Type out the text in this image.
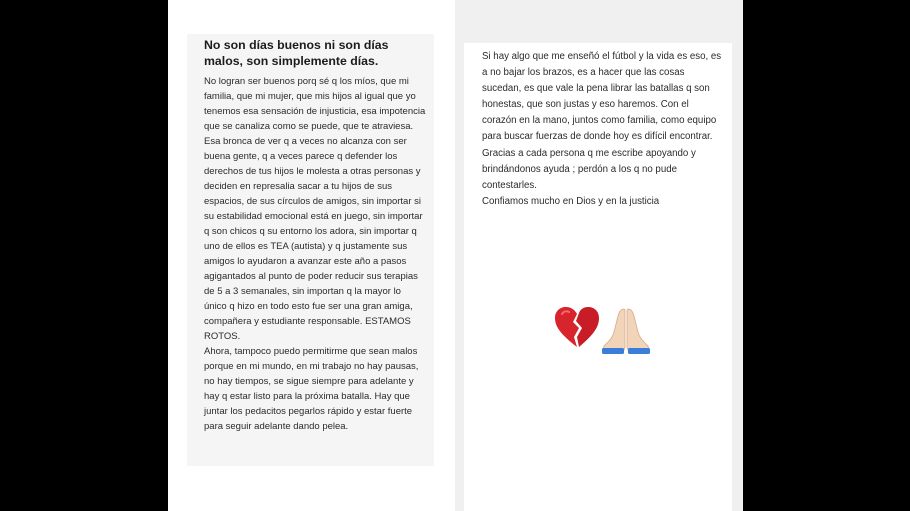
No son días buenos ni son días malos, son simplemente días.
No logran ser buenos porq sé q los míos, que mi familia, que mi mujer, que mis hijos al igual que yo tenemos esa sensación de injusticia, esa impotencia que se canaliza como se puede, que te atraviesa. Esa bronca de ver q a veces no alcanza con ser buena gente, q a veces parece q defender los derechos de tus hijos le molesta a otras personas y deciden en represalia sacar a tu hijos de sus espacios, de sus círculos de amigos, sin importar si su estabilidad emocional está en juego, sin importar q son chicos q su entorno los adora, sin importar q uno de ellos es TEA (autista) y q justamente sus amigos lo ayudaron a avanzar este año a pasos agigantados al punto de poder reducir sus terapias de 5 a 3 semanales, sin importan q la mayor lo único q hizo en todo esto fue ser una gran amiga, compañera y estudiante responsable. ESTAMOS ROTOS.
Ahora, tampoco puedo permitirme que sean malos porque en mi mundo, en mi trabajo no hay pausas, no hay tiempos, se sigue siempre para adelante y hay q estar listo para la próxima batalla. Hay que juntar los pedacitos pegarlos rápido y estar fuerte para seguir adelante dando pelea.
Si hay algo que me enseñó el fútbol y la vida es eso, es a no bajar los brazos, es a hacer que las cosas sucedan, es que vale la pena librar las batallas q son honestas, que son justas y eso haremos. Con el corazón en la mano, juntos como familia, como equipo para buscar fuerzas de donde hoy es difícil encontrar.
Gracias a cada persona q me escribe apoyando y brindándonos ayuda ; perdón a los q no pude contestarles.
Confiamos mucho en Dios y en la justicia
